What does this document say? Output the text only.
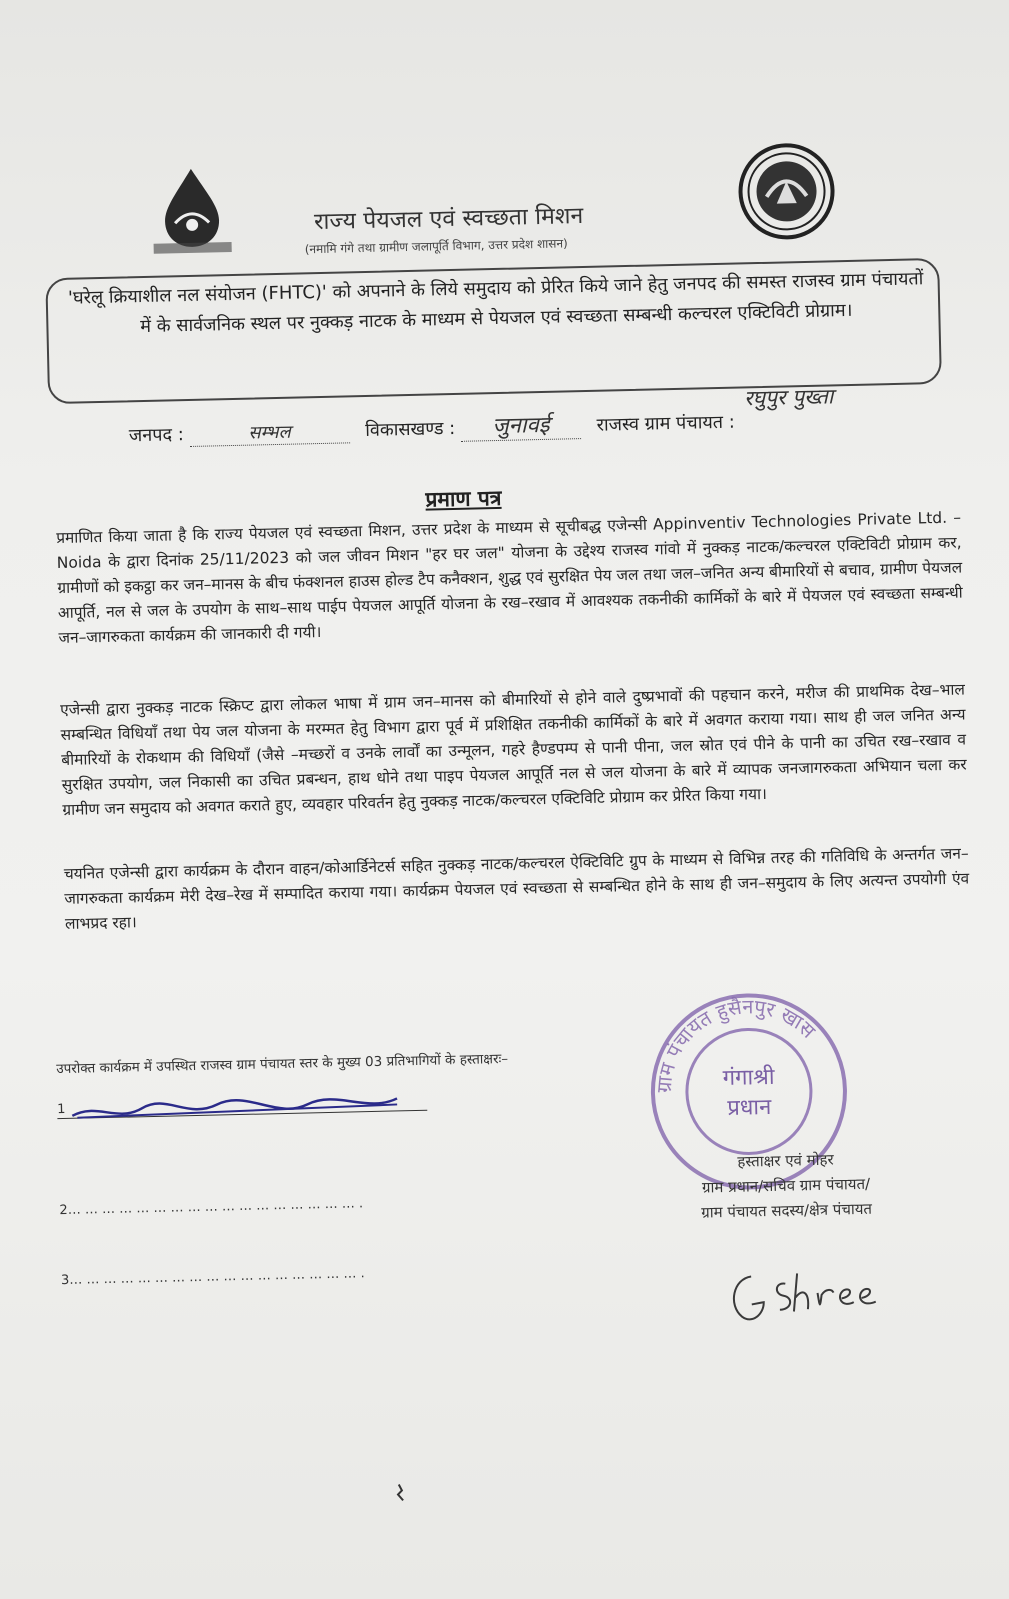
राज्य पेयजल एवं स्वच्छता मिशन
(नमामि गंगे तथा ग्रामीण जलापूर्ति विभाग, उत्तर प्रदेश शासन)
'घरेलू क्रियाशील नल संयोजन (FHTC)' को अपनाने के लिये समुदाय को प्रेरित किये जाने हेतु जनपद की समस्त राजस्व ग्राम पंचायतों में के सार्वजनिक स्थल पर नुक्कड़ नाटक के माध्यम से पेयजल एवं स्वच्छता सम्बन्धी कल्चरल एक्टिविटी प्रोग्राम।
जनपद :	सम्भल	विकासखण्ड : जुनावई	राजस्व ग्राम पंचायत : रघुपुर पुख्ता
प्रमाण पत्र
प्रमाणित किया जाता है कि राज्य पेयजल एवं स्वच्छता मिशन, उत्तर प्रदेश के माध्यम से सूचीबद्ध एजेन्सी Appinventiv Technologies Private Ltd. – Noida के द्वारा दिनांक 25/11/2023 को जल जीवन मिशन "हर घर जल" योजना के उद्देश्य राजस्व गांवो में नुक्कड़ नाटक/कल्चरल एक्टिविटी प्रोग्राम कर, ग्रामीणों को इकट्ठा कर जन–मानस के बीच फंक्शनल हाउस होल्ड टैप कनैक्शन, शुद्ध एवं सुरक्षित पेय जल तथा जल–जनित अन्य बीमारियों से बचाव, ग्रामीण पेयजल आपूर्ति, नल से जल के उपयोग के साथ–साथ पाईप पेयजल आपूर्ति योजना के रख–रखाव में आवश्यक तकनीकी कार्मिकों के बारे में पेयजल एवं स्वच्छता सम्बन्धी जन–जागरुकता कार्यक्रम की जानकारी दी गयी।
एजेन्सी द्वारा नुक्कड़ नाटक स्क्रिप्ट द्वारा लोकल भाषा में ग्राम जन–मानस को बीमारियों से होने वाले दुष्प्रभावों की पहचान करने, मरीज की प्राथमिक देख–भाल सम्बन्धित विधियाँ तथा पेय जल योजना के मरम्मत हेतु विभाग द्वारा पूर्व में प्रशिक्षित तकनीकी कार्मिकों के बारे में अवगत कराया गया। साथ ही जल जनित अन्य बीमारियों के रोकथाम की विधियाँ (जैसे –मच्छरों व उनके लार्वों का उन्मूलन, गहरे हैण्डपम्प से पानी पीना, जल स्रोत एवं पीने के पानी का उचित रख–रखाव व सुरक्षित उपयोग, जल निकासी का उचित प्रबन्धन, हाथ धोने तथा पाइप पेयजल आपूर्ति नल से जल योजना के बारे में व्यापक जनजागरुकता अभियान चला कर ग्रामीण जन समुदाय को अवगत कराते हुए, व्यवहार परिवर्तन हेतु नुक्कड़ नाटक/कल्चरल एक्टिविटि प्रोग्राम कर प्रेरित किया गया।
चयनित एजेन्सी द्वारा कार्यक्रम के दौरान वाहन/कोआर्डिनेटर्स सहित नुक्कड़ नाटक/कल्चरल ऐक्टिविटि ग्रुप के माध्यम से विभिन्न तरह की गतिविधि के अन्तर्गत जन–जागरुकता कार्यक्रम मेरी देख–रेख में सम्पादित कराया गया। कार्यक्रम पेयजल एवं स्वच्छता से सम्बन्धित होने के साथ ही जन–समुदाय के लिए अत्यन्त उपयोगी एंव लाभप्रद रहा।
उपरोक्त कार्यक्रम में उपस्थित राजस्व ग्राम पंचायत स्तर के मुख्य 03 प्रतिभागियों के हस्ताक्षरः–
1
2… … … … … … … … … … … … … … … … … .
3… … … … … … … … … … … … … … … … … .
ग्राम पंचायत हुसैनपुर खास
गंगाश्री
प्रधान
हस्ताक्षर एवं मोहर
ग्राम प्रधान/सचिव ग्राम पंचायत/
ग्राम पंचायत सदस्य/क्षेत्र पंचायत
